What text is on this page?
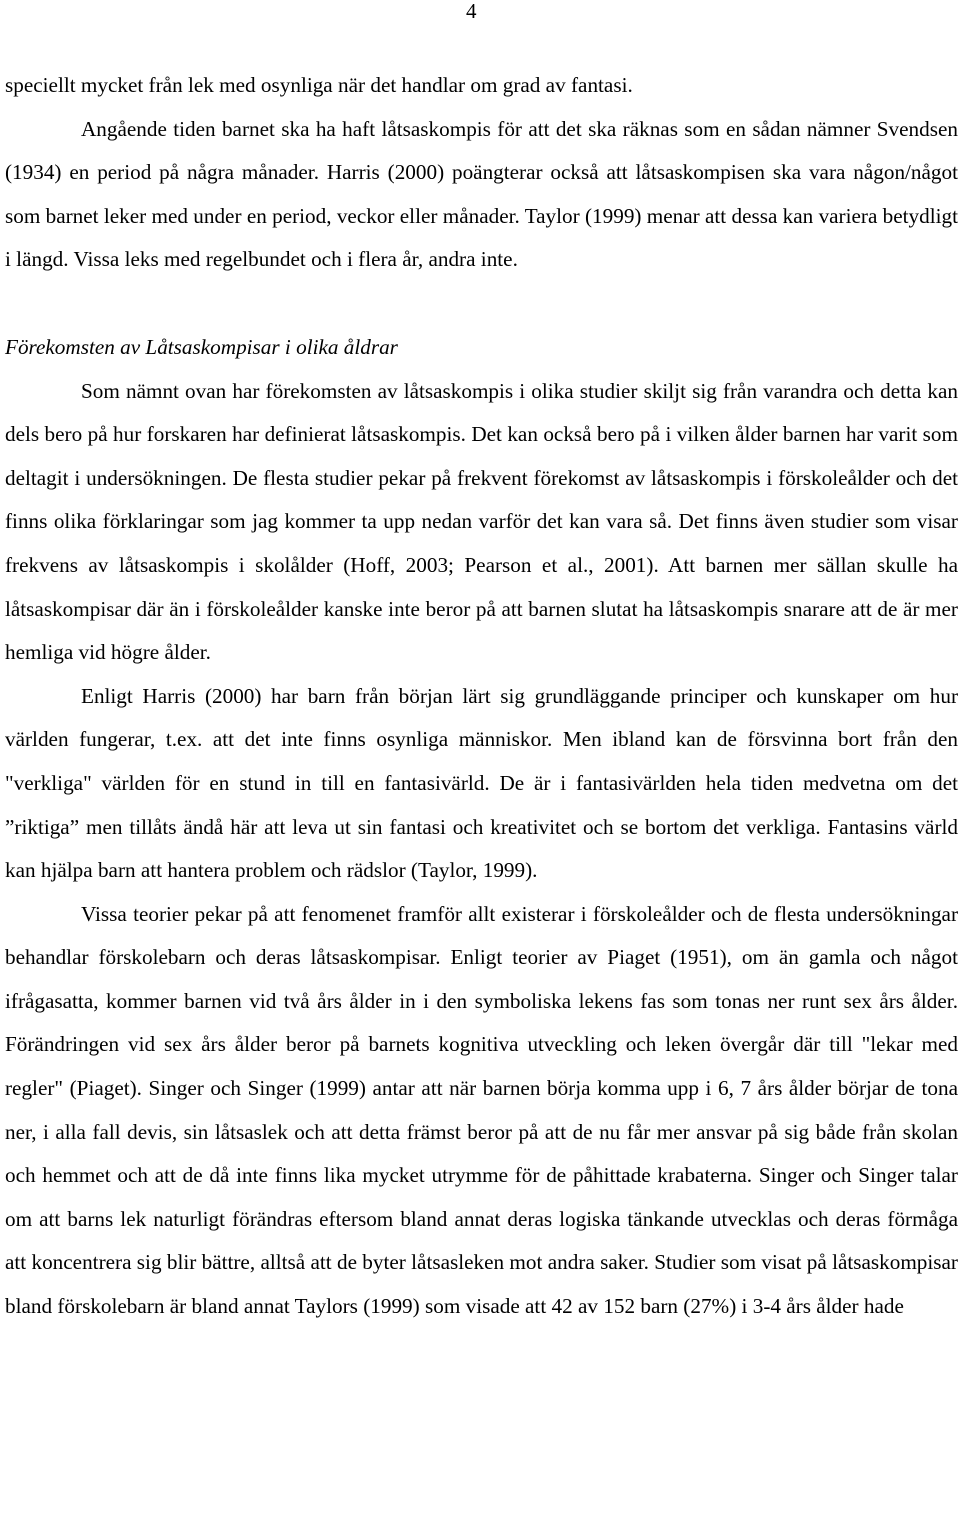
4

speciellt mycket från lek med osynliga när det handlar om grad av fantasi.

Angående tiden barnet ska ha haft låtsaskompis för att det ska räknas som en sådan nämner Svendsen (1934) en period på några månader. Harris (2000) poängterar också att låtsaskompisen ska vara någon/något som barnet leker med under en period, veckor eller månader. Taylor (1999) menar att dessa kan variera betydligt i längd. Vissa leks med regelbundet och i flera år, andra inte.

Förekomsten av Låtsaskompisar i olika åldrar

Som nämnt ovan har förekomsten av låtsaskompis i olika studier skiljt sig från varandra och detta kan dels bero på hur forskaren har definierat låtsaskompis. Det kan också bero på i vilken ålder barnen har varit som deltagit i undersökningen. De flesta studier pekar på frekvent förekomst av låtsaskompis i förskoleålder och det finns olika förklaringar som jag kommer ta upp nedan varför det kan vara så. Det finns även studier som visar frekvens av låtsaskompis i skolålder (Hoff, 2003; Pearson et al., 2001). Att barnen mer sällan skulle ha låtsaskompisar där än i förskoleålder kanske inte beror på att barnen slutat ha låtsaskompis snarare att de är mer hemliga vid högre ålder.

Enligt Harris (2000) har barn från början lärt sig grundläggande principer och kunskaper om hur världen fungerar, t.ex. att det inte finns osynliga människor. Men ibland kan de försvinna bort från den "verkliga" världen för en stund in till en fantasivärld. De är i fantasivärlden hela tiden medvetna om det ”riktiga” men tillåts ändå här att leva ut sin fantasi och kreativitet och se bortom det verkliga. Fantasins värld kan hjälpa barn att hantera problem och rädslor (Taylor, 1999).

Vissa teorier pekar på att fenomenet framför allt existerar i förskoleålder och de flesta undersökningar behandlar förskolebarn och deras låtsaskompisar. Enligt teorier av Piaget (1951), om än gamla och något ifrågasatta, kommer barnen vid två års ålder in i den symboliska lekens fas som tonas ner runt sex års ålder. Förändringen vid sex års ålder beror på barnets kognitiva utveckling och leken övergår där till "lekar med regler" (Piaget). Singer och Singer (1999) antar att när barnen börja komma upp i 6, 7 års ålder börjar de tona ner, i alla fall devis, sin låtsaslek och att detta främst beror på att de nu får mer ansvar på sig både från skolan och hemmet och att de då inte finns lika mycket utrymme för de påhittade krabaterna. Singer och Singer talar om att barns lek naturligt förändras eftersom bland annat deras logiska tänkande utvecklas och deras förmåga att koncentrera sig blir bättre, alltså att de byter låtsasleken mot andra saker. Studier som visat på låtsaskompisar bland förskolebarn är bland annat Taylors (1999) som visade att 42 av 152 barn (27%) i 3-4 års ålder hade
